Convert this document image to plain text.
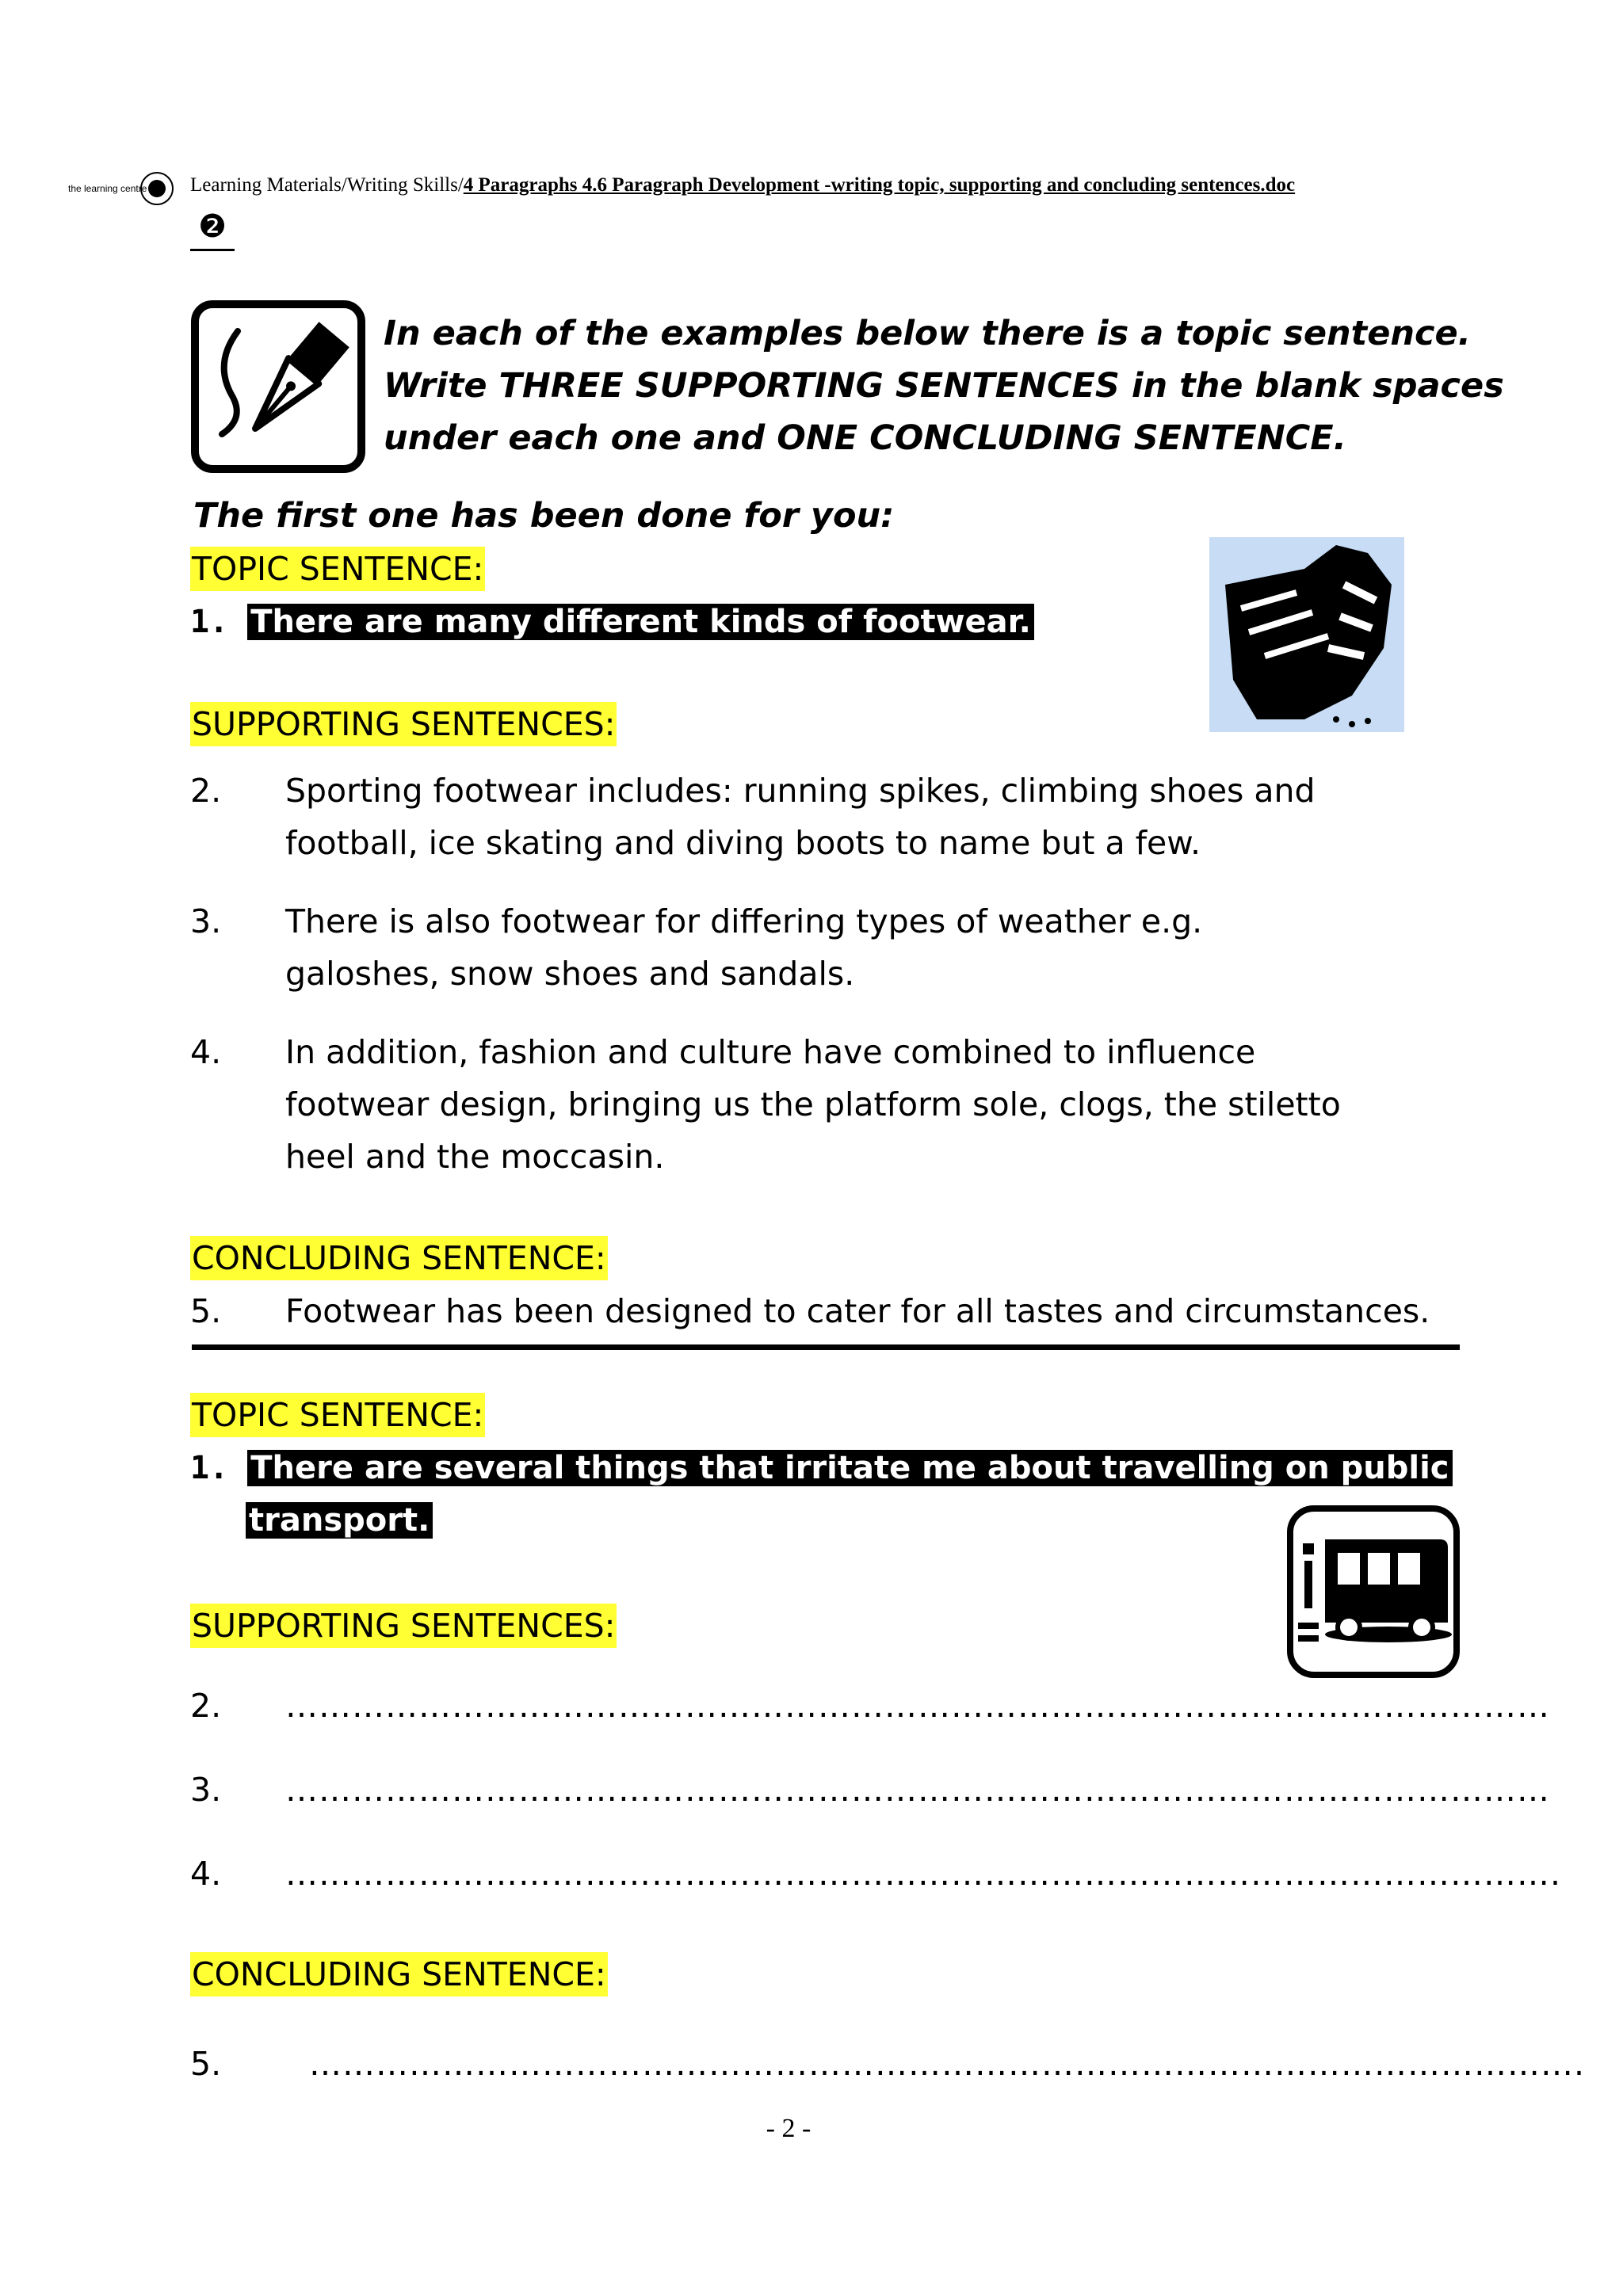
the learning centre Learning Materials/Writing Skills/4 Paragraphs 4.6 Paragraph Development -writing topic, supporting and concluding sentences.doc
❷
In each of the examples below there is a topic sentence.
Write THREE SUPPORTING SENTENCES in the blank spaces
under each one and ONE CONCLUDING SENTENCE.
The first one has been done for you:
TOPIC SENTENCE:
1. There are many different kinds of footwear.
SUPPORTING SENTENCES:
2. Sporting footwear includes: running spikes, climbing shoes and
football, ice skating and diving boots to name but a few.
3. There is also footwear for differing types of weather e.g.
galoshes, snow shoes and sandals.
4. In addition, fashion and culture have combined to influence
footwear design, bringing us the platform sole, clogs, the stiletto
heel and the moccasin.
CONCLUDING SENTENCE:
5. Footwear has been designed to cater for all tastes and circumstances.
TOPIC SENTENCE:
1. There are several things that irritate me about travelling on public
transport.
SUPPORTING SENTENCES:
2. ……………………………………………………………………………………………………
3. ……………………………………………………………………………………………………
4. …………………………………………………………………………………………………….
CONCLUDING SENTENCE:
5.	…………………………………………………………………………………………………….
- 2 -
